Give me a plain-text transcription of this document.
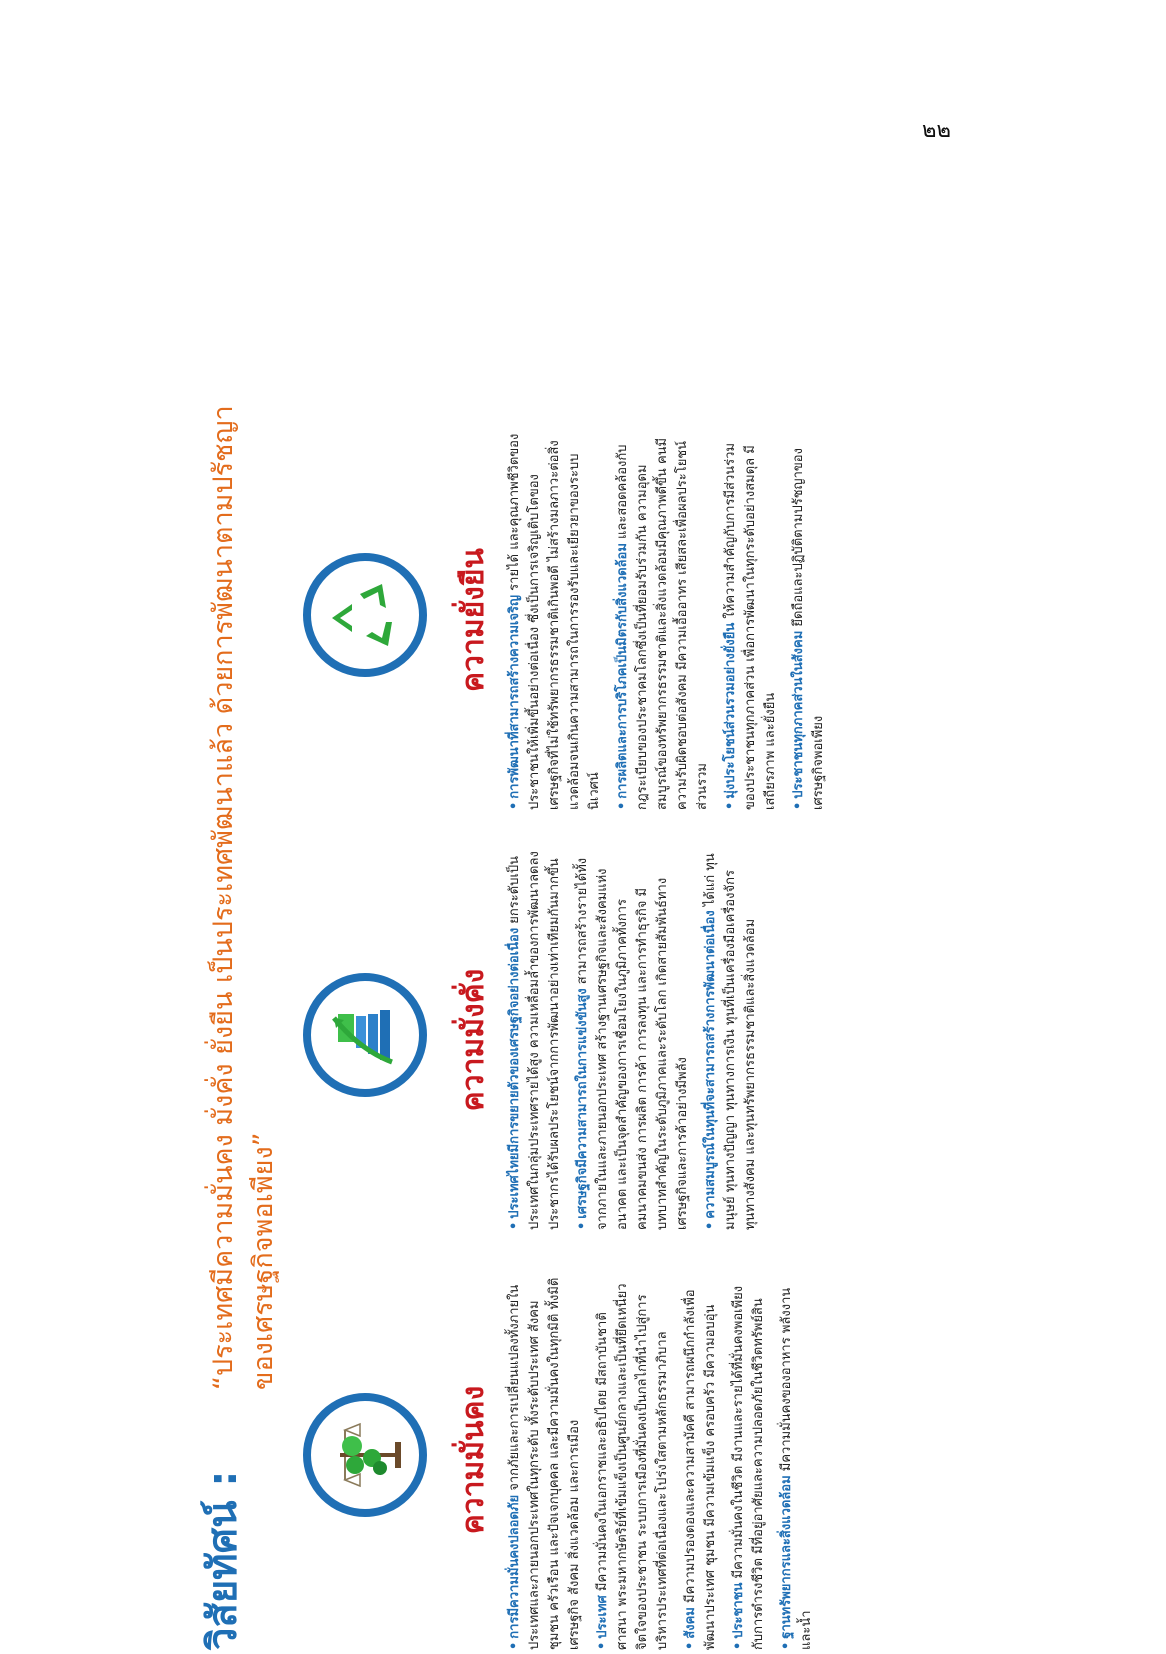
๒๒
วิสัยทัศน์ :
“ประเทศมีความมั่นคง มั่งคั่ง ยั่งยืน เป็นประเทศพัฒนาแล้ว ด้วยการพัฒนาตามปรัชญาของเศรษฐกิจพอเพียง”
ความมั่นคง
•การมีความมั่นคงปลอดภัย จากภัยและการเปลี่ยนแปลงทั้งภายในประเทศและภายนอกประเทศในทุกระดับ ทั้งระดับประเทศ สังคม ชุมชน ครัวเรือน และปัจเจกบุคคล และมีความมั่นคงในทุกมิติ ทั้งมิติเศรษฐกิจ สังคม สิ่งแวดล้อม และการเมือง •ประเทศ มีความมั่นคงในเอกราชและอธิปไตย มีสถาบันชาติ ศาสนา พระมหากษัตริย์ที่เข้มแข็งเป็นศูนย์กลางและเป็นที่ยึดเหนี่ยวจิตใจของประชาชน ระบบการเมืองที่มั่นคงเป็นกลไกที่นำไปสู่การบริหารประเทศที่ต่อเนื่องและโปร่งใสตามหลักธรรมาภิบาล •สังคม มีความปรองดองและความสามัคคี สามารถผนึกกำลังเพื่อพัฒนาประเทศ ชุมชน มีความเข้มแข็ง ครอบครัว มีความอบอุ่น •ประชาชน มีความมั่นคงในชีวิต มีงานและรายได้ที่มั่นคงพอเพียงกับการดำรงชีวิต มีที่อยู่อาศัยและความปลอดภัยในชีวิตทรัพย์สิน •ฐานทรัพยากรและสิ่งแวดล้อม มีความมั่นคงของอาหาร พลังงาน และน้ำ
ความมั่งคั่ง
•ประเทศไทยมีการขยายตัวของเศรษฐกิจอย่างต่อเนื่อง ยกระดับเป็นประเทศในกลุ่มประเทศรายได้สูง ความเหลื่อมล้ำของการพัฒนาลดลง ประชากรได้รับผลประโยชน์จากการพัฒนาอย่างเท่าเทียมกันมากขึ้น •เศรษฐกิจมีความสามารถในการแข่งขันสูง สามารถสร้างรายได้ทั้งจากภายในและภายนอกประเทศ สร้างฐานเศรษฐกิจและสังคมแห่งอนาคต และเป็นจุดสำคัญของการเชื่อมโยงในภูมิภาคทั้งการคมนาคมขนส่ง การผลิต การค้า การลงทุน และการทำธุรกิจ มีบทบาทสำคัญในระดับภูมิภาคและระดับโลก เกิดสายสัมพันธ์ทางเศรษฐกิจและการค้าอย่างมีพลัง •ความสมบูรณ์ในทุนที่จะสามารถสร้างการพัฒนาต่อเนื่อง ได้แก่ ทุนมนุษย์ ทุนทางปัญญา ทุนทางการเงิน ทุนที่เป็นเครื่องมือเครื่องจักร ทุนทางสังคม และทุนทรัพยากรธรรมชาติและสิ่งแวดล้อม
ความยั่งยืน
•การพัฒนาที่สามารถสร้างความเจริญ รายได้ และคุณภาพชีวิตของประชาชนให้เพิ่มขึ้นอย่างต่อเนื่อง ซึ่งเป็นการเจริญเติบโตของเศรษฐกิจที่ไม่ใช้ทรัพยากรธรรมชาติเกินพอดี ไม่สร้างมลภาวะต่อสิ่งแวดล้อมจนเกินความสามารถในการรองรับและเยียวยาของระบบนิเวศน์ •การผลิตและการบริโภคเป็นมิตรกับสิ่งแวดล้อม และสอดคล้องกับกฎระเบียบของประชาคมโลกซึ่งเป็นที่ยอมรับร่วมกัน ความอุดมสมบูรณ์ของทรัพยากรธรรมชาติและสิ่งแวดล้อมมีคุณภาพดีขึ้น คนมีความรับผิดชอบต่อสังคม มีความเอื้ออาทร เสียสละเพื่อผลประโยชน์ส่วนรวม •มุ่งประโยชน์ส่วนรวมอย่างยั่งยืน ให้ความสำคัญกับการมีส่วนร่วมของประชาชนทุกภาคส่วน เพื่อการพัฒนาในทุกระดับอย่างสมดุล มีเสถียรภาพ และยั่งยืน •ประชาชนทุกภาคส่วนในสังคม ยึดถือและปฏิบัติตามปรัชญาของเศรษฐกิจพอเพียง
